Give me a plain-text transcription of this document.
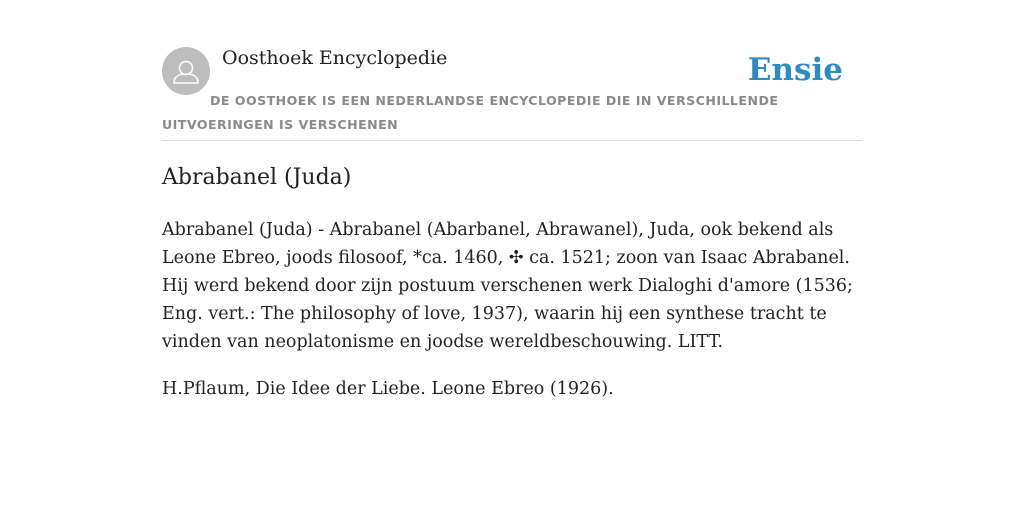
Oosthoek Encyclopedie	Ensie
DE OOSTHOEK IS EEN NEDERLANDSE ENCYCLOPEDIE DIE IN VERSCHILLENDE UITVOERINGEN IS VERSCHENEN
Abrabanel (Juda)

Abrabanel (Juda) - Abrabanel (Abarbanel, Abrawanel), Juda, ook bekend als Leone Ebreo, joods filosoof, *ca. 1460, ✣ ca. 1521; zoon van Isaac Abrabanel. Hij werd bekend door zijn postuum verschenen werk Dialoghi d'amore (1536; Eng. vert.: The philosophy of love, 1937), waarin hij een synthese tracht te vinden van neoplatonisme en joodse wereldbeschouwing. LITT.

H.Pflaum, Die Idee der Liebe. Leone Ebreo (1926).
